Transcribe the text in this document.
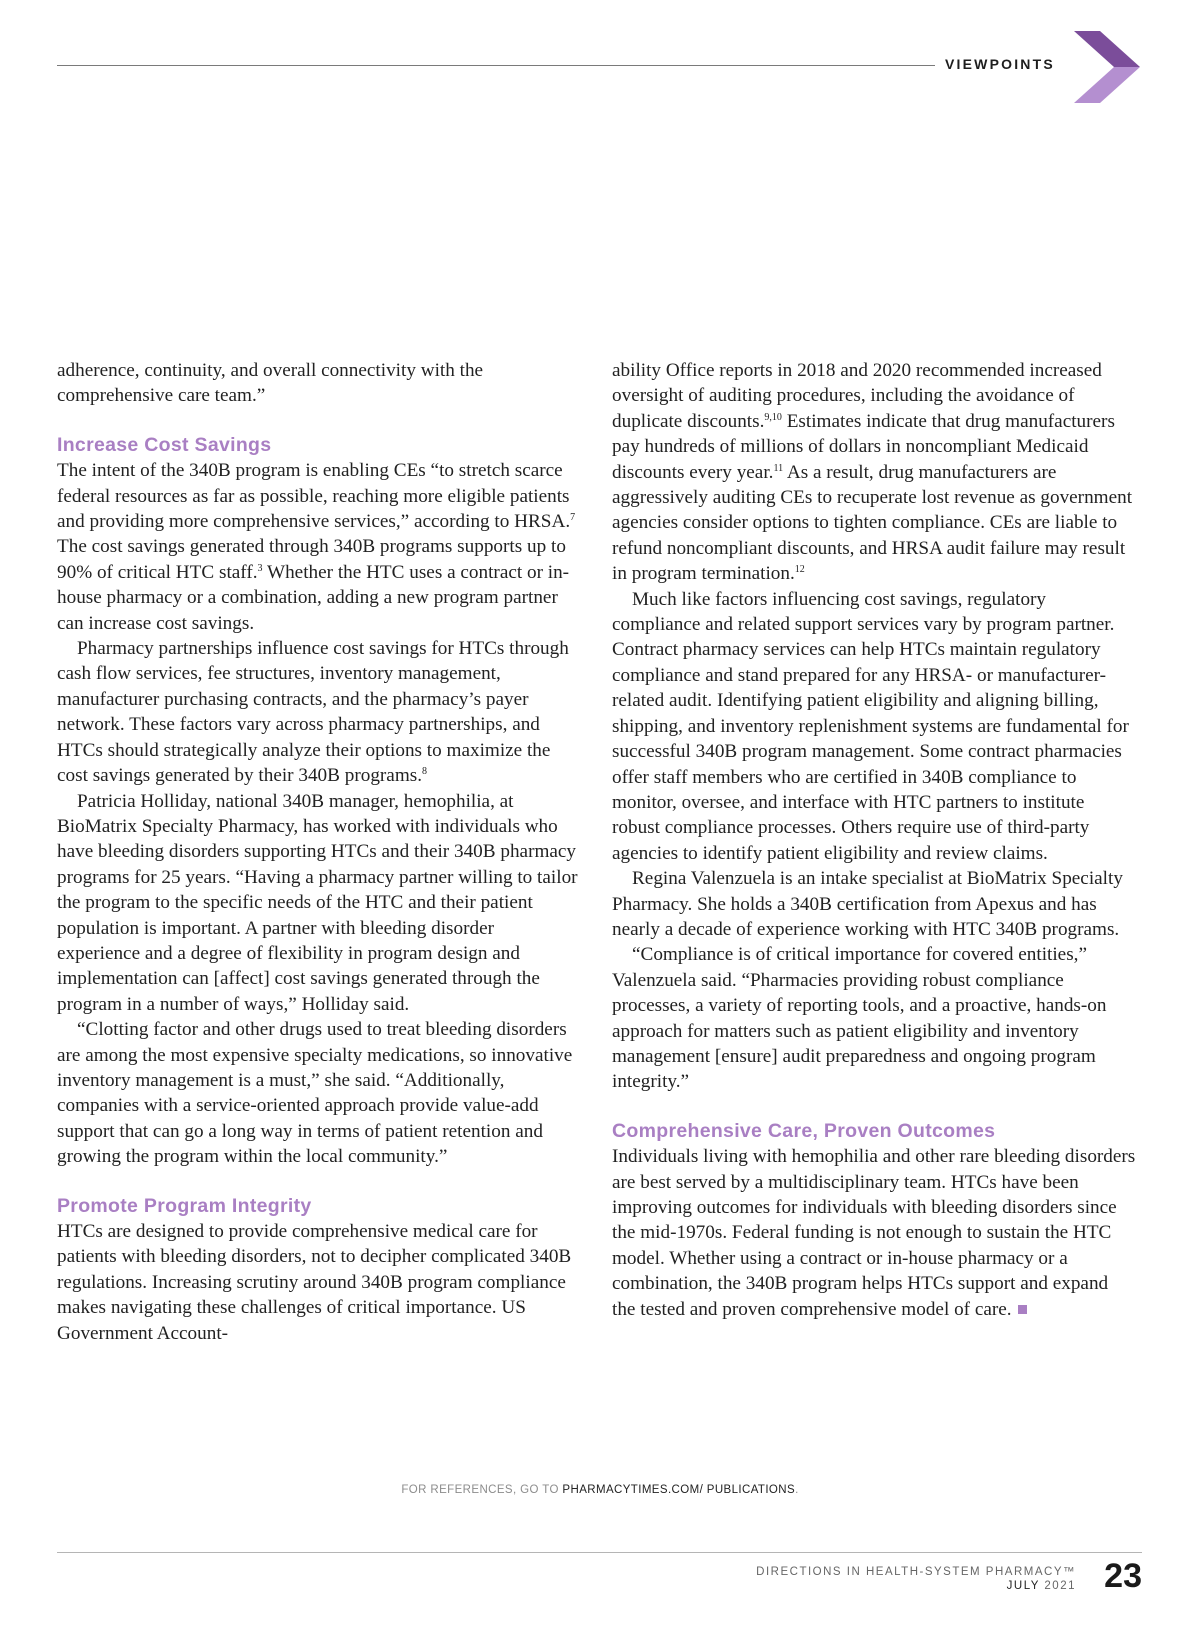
VIEWPOINTS

adherence, continuity, and overall connectivity with the comprehensive care team.”

Increase Cost Savings

The intent of the 340B program is enabling CEs “to stretch scarce federal resources as far as possible, reaching more eligible patients and providing more comprehensive services,” according to HRSA.$^7$ The cost savings generated through 340B programs supports up to 90% of critical HTC staff.$^3$ Whether the HTC uses a contract or in-house pharmacy or a combination, adding a new program partner can increase cost savings.

Pharmacy partnerships influence cost savings for HTCs through cash flow services, fee structures, inventory management, manufacturer purchasing contracts, and the pharmacy’s payer network. These factors vary across pharmacy partnerships, and HTCs should strategically analyze their options to maximize the cost savings generated by their 340B programs.$^8$

Patricia Holliday, national 340B manager, hemophilia, at BioMatrix Specialty Pharmacy, has worked with individuals who have bleeding disorders supporting HTCs and their 340B pharmacy programs for 25 years. “Having a pharmacy partner willing to tailor the program to the specific needs of the HTC and their patient population is important. A partner with bleeding disorder experience and a degree of flexibility in program design and implementation can [affect] cost savings generated through the program in a number of ways,” Holliday said.

“Clotting factor and other drugs used to treat bleeding disorders are among the most expensive specialty medications, so innovative inventory management is a must,” she said. “Additionally, companies with a service-oriented approach provide value-add support that can go a long way in terms of patient retention and growing the program within the local community.”

Promote Program Integrity

HTCs are designed to provide comprehensive medical care for patients with bleeding disorders, not to decipher complicated 340B regulations. Increasing scrutiny around 340B program compliance makes navigating these challenges of critical importance. US Government Account-

ability Office reports in 2018 and 2020 recommended increased oversight of auditing procedures, including the avoidance of duplicate discounts.$^{9,10}$ Estimates indicate that drug manufacturers pay hundreds of millions of dollars in noncompliant Medicaid discounts every year.$^{11}$ As a result, drug manufacturers are aggressively auditing CEs to recuperate lost revenue as government agencies consider options to tighten compliance. CEs are liable to refund noncompliant discounts, and HRSA audit failure may result in program termination.$^{12}$

Much like factors influencing cost savings, regulatory compliance and related support services vary by program partner. Contract pharmacy services can help HTCs maintain regulatory compliance and stand prepared for any HRSA- or manufacturer-related audit. Identifying patient eligibility and aligning billing, shipping, and inventory replenishment systems are fundamental for successful 340B program management. Some contract pharmacies offer staff members who are certified in 340B compliance to monitor, oversee, and interface with HTC partners to institute robust compliance processes. Others require use of third-party agencies to identify patient eligibility and review claims.

Regina Valenzuela is an intake specialist at BioMatrix Specialty Pharmacy. She holds a 340B certification from Apexus and has nearly a decade of experience working with HTC 340B programs.

“Compliance is of critical importance for covered entities,” Valenzuela said. “Pharmacies providing robust compliance processes, a variety of reporting tools, and a proactive, hands-on approach for matters such as patient eligibility and inventory management [ensure] audit preparedness and ongoing program integrity.”

Comprehensive Care, Proven Outcomes

Individuals living with hemophilia and other rare bleeding disorders are best served by a multidisciplinary team. HTCs have been improving outcomes for individuals with bleeding disorders since the mid-1970s. Federal funding is not enough to sustain the HTC model. Whether using a contract or in-house pharmacy or a combination, the 340B program helps HTCs support and expand the tested and proven comprehensive model of care.

FOR REFERENCES, GO TO PHARMACYTIMES.COM/ PUBLICATIONS.
DIRECTIONS IN HEALTH-SYSTEM PHARMACY™
JULY 2021 23
